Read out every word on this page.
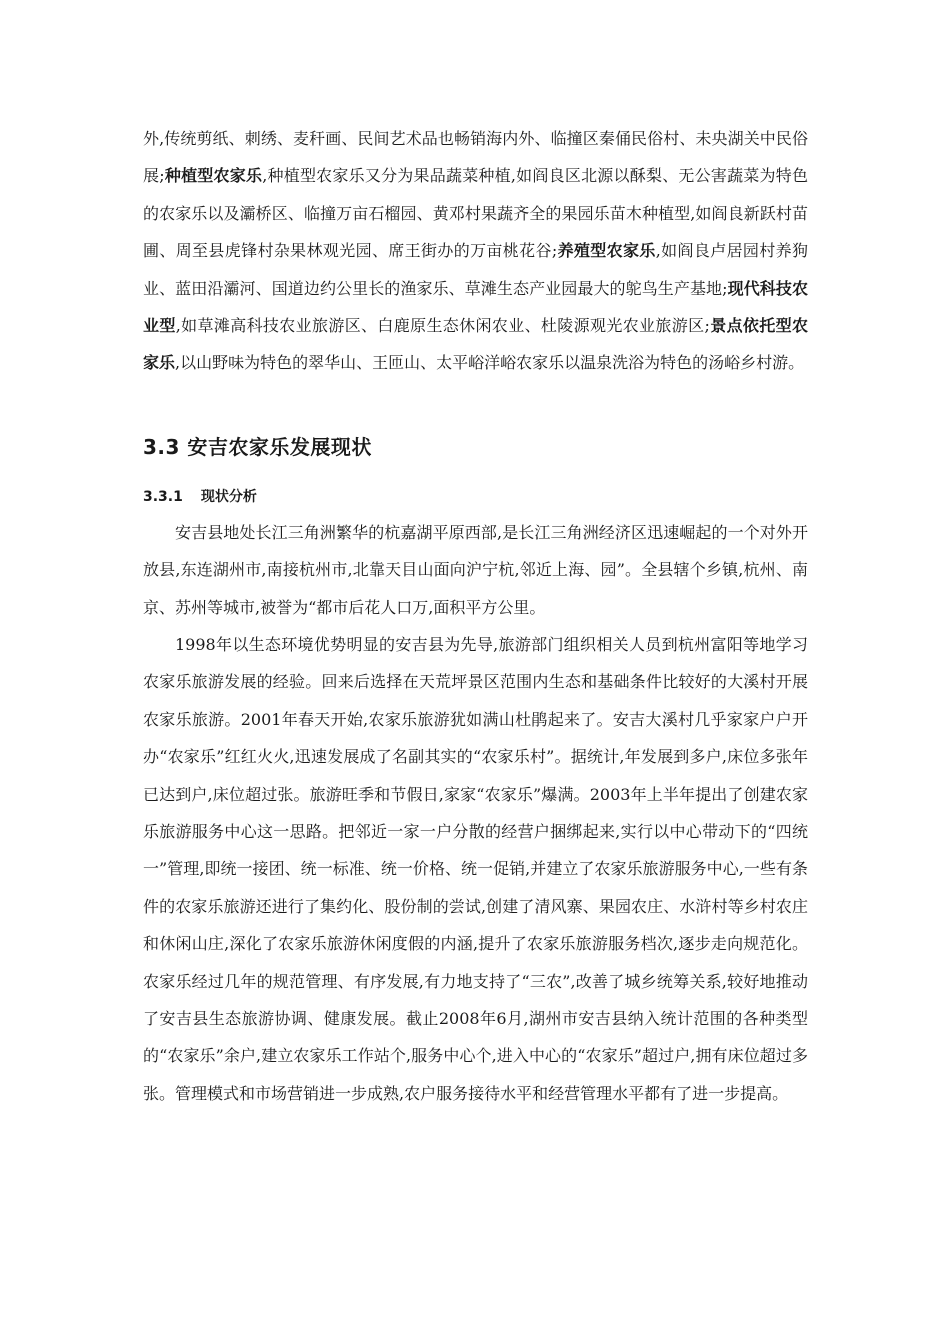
外,传统剪纸、刺绣、麦秆画、民间艺术品也畅销海内外、临撞区秦俑民俗村、未央湖关中民俗展;种植型农家乐,种植型农家乐又分为果品蔬菜种植,如阎良区北源以酥梨、无公害蔬菜为特色的农家乐以及灞桥区、临撞万亩石榴园、黄邓村果蔬齐全的果园乐苗木种植型,如阎良新跃村苗圃、周至县虎锋村杂果林观光园、席王街办的万亩桃花谷;养殖型农家乐,如阎良卢居园村养狗业、蓝田沿灞河、国道边约公里长的渔家乐、草滩生态产业园最大的鸵鸟生产基地;现代科技农业型,如草滩高科技农业旅游区、白鹿原生态休闲农业、杜陵源观光农业旅游区;景点依托型农家乐,以山野味为特色的翠华山、王匝山、太平峪洋峪农家乐以温泉洗浴为特色的汤峪乡村游。

3.3 安吉农家乐发展现状
3.3.1 现状分析

安吉县地处长江三角洲繁华的杭嘉湖平原西部,是长江三角洲经济区迅速崛起的一个对外开放县,东连湖州市,南接杭州市,北靠天目山面向沪宁杭,邻近上海、园”。全县辖个乡镇,杭州、南京、苏州等城市,被誉为“都市后花人口万,面积平方公里。

1998年以生态环境优势明显的安吉县为先导,旅游部门组织相关人员到杭州富阳等地学习农家乐旅游发展的经验。回来后选择在天荒坪景区范围内生态和基础条件比较好的大溪村开展农家乐旅游。2001年春天开始,农家乐旅游犹如满山杜鹃起来了。安吉大溪村几乎家家户户开办“农家乐”红红火火,迅速发展成了名副其实的“农家乐村”。据统计,年发展到多户,床位多张年已达到户,床位超过张。旅游旺季和节假日,家家“农家乐”爆满。2003年上半年提出了创建农家乐旅游服务中心这一思路。把邻近一家一户分散的经营户捆绑起来,实行以中心带动下的“四统一”管理,即统一接团、统一标准、统一价格、统一促销,并建立了农家乐旅游服务中心,一些有条件的农家乐旅游还进行了集约化、股份制的尝试,创建了清风寨、果园农庄、水浒村等乡村农庄和休闲山庄,深化了农家乐旅游休闲度假的内涵,提升了农家乐旅游服务档次,逐步走向规范化。农家乐经过几年的规范管理、有序发展,有力地支持了“三农”,改善了城乡统筹关系,较好地推动了安吉县生态旅游协调、健康发展。截止2008年6月,湖州市安吉县纳入统计范围的各种类型的“农家乐”余户,建立农家乐工作站个,服务中心个,进入中心的“农家乐”超过户,拥有床位超过多张。管理模式和市场营销进一步成熟,农户服务接待水平和经营管理水平都有了进一步提高。
